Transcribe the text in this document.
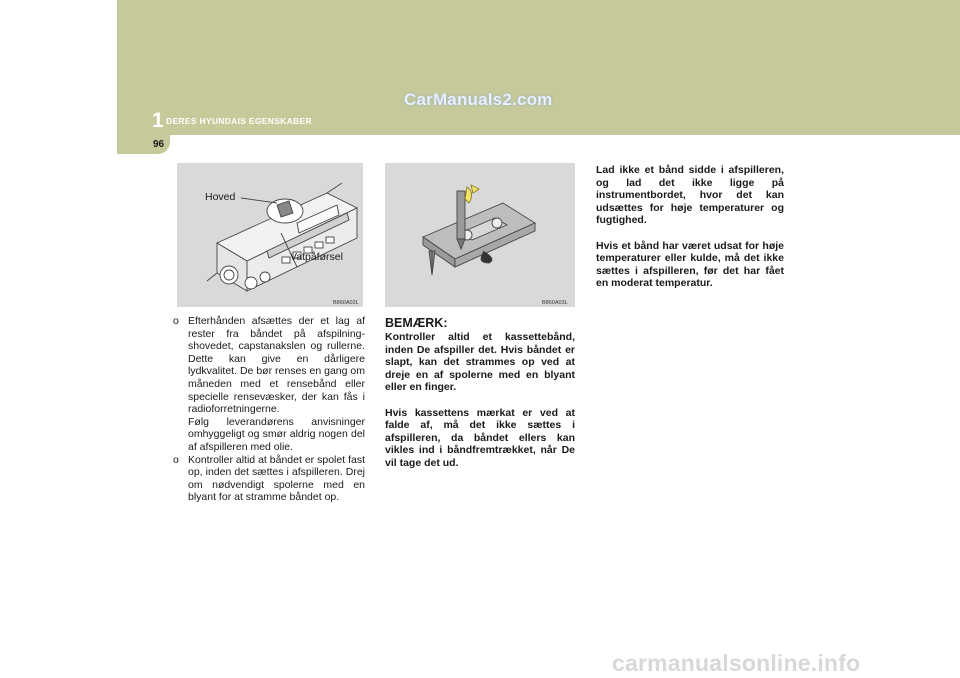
CarManuals2.com
1 DERES HYUNDAIS EGENSKABER
96
Hoved
Vatpåførsel
B860A02L	B860A03L
o Efterhånden afsættes der et lag af rester fra båndet på afspilning-shovedet, capstanakslen og rullerne. Dette kan give en dårligere lydkvalitet. De bør renses en gang om måneden med et rensebånd eller specielle rensevæsker, der kan fås i radioforretningerne.

Følg leverandørens anvisninger omhyggeligt og smør aldrig nogen del af afspilleren med olie.

o Kontroller altid at båndet er spolet fast op, inden det sættes i afspilleren. Drej om nødvendigt spolerne med en blyant for at stramme båndet op.

BEMÆRK:

Kontroller altid et kassettebånd, inden De afspiller det. Hvis båndet er slapt, kan det strammes op ved at dreje en af spolerne med en blyant eller en finger.

Hvis kassettens mærkat er ved at falde af, må det ikke sættes i afspilleren, da båndet ellers kan vikles ind i båndfremtrækket, når De vil tage det ud.

Lad ikke et bånd sidde i afspilleren, og lad det ikke ligge på instrumentbordet, hvor det kan udsættes for høje temperaturer og fugtighed.

Hvis et bånd har været udsat for høje temperaturer eller kulde, må det ikke sættes i afspilleren, før det har fået en moderat temperatur.

carmanualsonline.info
